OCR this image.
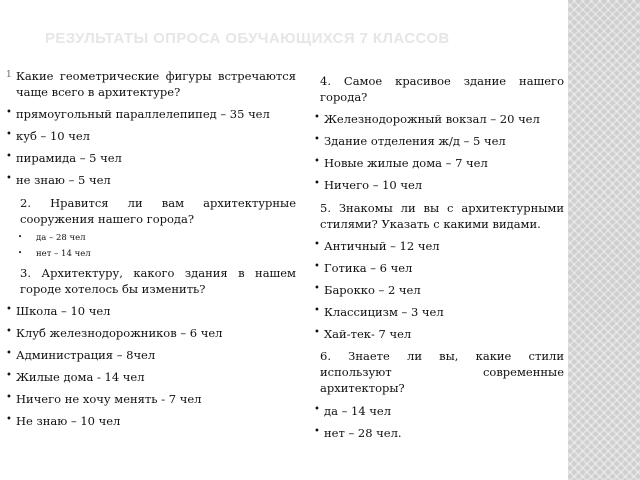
РЕЗУЛЬТАТЫ ОПРОСА ОБУЧАЮЩИХСЯ 7 КЛАССОВ

1 Какие геометрические фигуры встречаются чаще всего в архитектуре?

• прямоугольный параллелепипед – 35 чел
• куб – 10 чел
• пирамида – 5 чел
• не знаю – 5 чел

2. Нравится ли вам архитектурные сооружения нашего города?

• да – 28 чел
• нет – 14 чел

3. Архитектуру, какого здания в нашем городе хотелось бы изменить?

• Школа – 10 чел
• Клуб железнодорожников – 6 чел
• Администрация – 8чел
• Жилые дома - 14 чел
• Ничего не хочу менять - 7 чел
• Не знаю – 10 чел

4. Самое красивое здание нашего города?

• Железнодорожный вокзал – 20 чел
• Здание отделения ж/д – 5 чел
• Новые жилые дома – 7 чел
• Ничего – 10 чел

5. Знакомы ли вы с архитектурными стилями? Указать с какими видами.

• Античный – 12 чел
• Готика – 6 чел
• Барокко – 2 чел
• Классицизм – 3 чел
• Хай-тек- 7 чел

6. Знаете ли вы, какие стили используют современные архитекторы?

• да – 14 чел
• нет – 28 чел.
